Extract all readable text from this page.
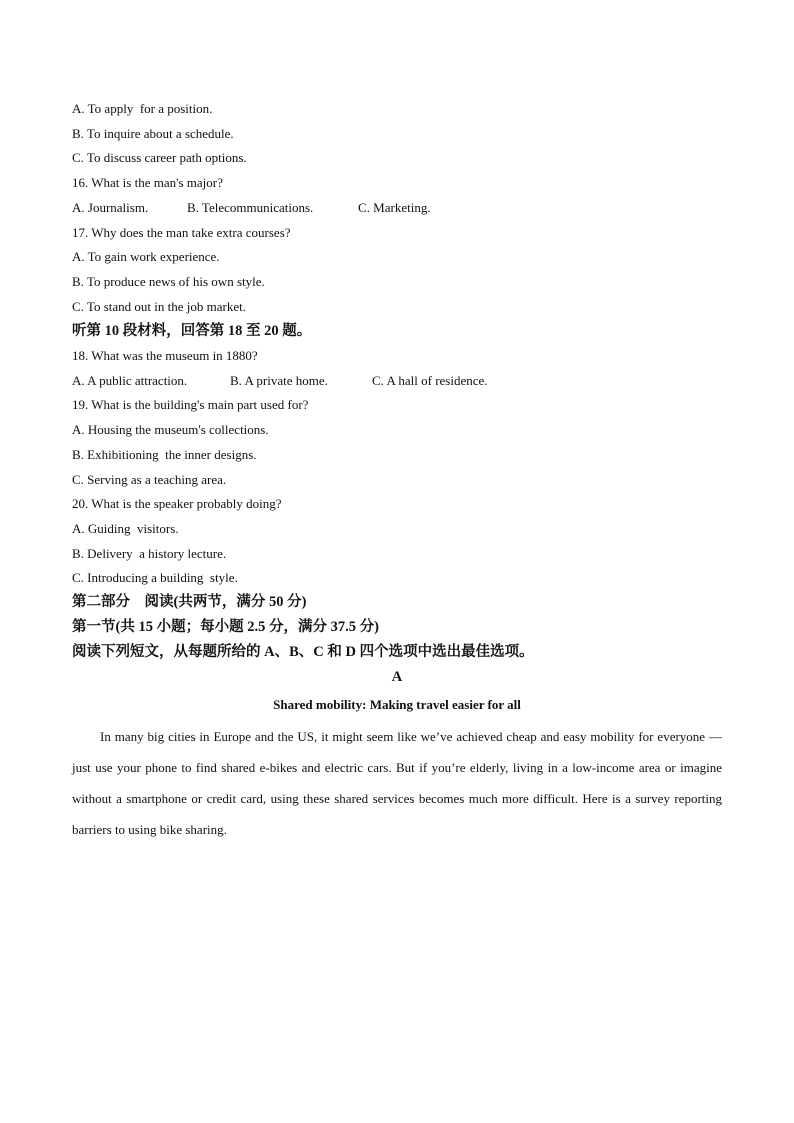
A. To apply  for a position.
B. To inquire about a schedule.
C. To discuss career path options.
16. What is the man's major?
A. Journalism.	B. Telecommunications.	C. Marketing.
17. Why does the man take extra courses?
A. To gain work experience.
B. To produce news of his own style.
C. To stand out in the job market.
听第 10 段材料，回答第 18 至 20 题。
18. What was the museum in 1880?
A. A public attraction.	B. A private home.	C. A hall of residence.
19. What is the building's main part used for?
A. Housing the museum's collections.
B. Exhibitioning  the inner designs.
C. Serving as a teaching area.
20. What is the speaker probably doing?
A. Guiding  visitors.
B. Delivery  a history lecture.
C. Introducing a building  style.
第二部分    阅读(共两节，满分 50 分)
第一节(共 15 小题；每小题 2.5 分，满分 37.5 分)
阅读下列短文，从每题所给的 A、B、C 和 D 四个选项中选出最佳选项。
A
Shared mobility: Making travel easier for all
In many big cities in Europe and the US, it might seem like we’ve achieved cheap and easy mobility for everyone — just use your phone to find shared e-bikes and electric cars. But if you’re elderly, living in a low-income area or imagine without a smartphone or credit card, using these shared services becomes much more difficult. Here is a survey reporting barriers to using bike sharing.
